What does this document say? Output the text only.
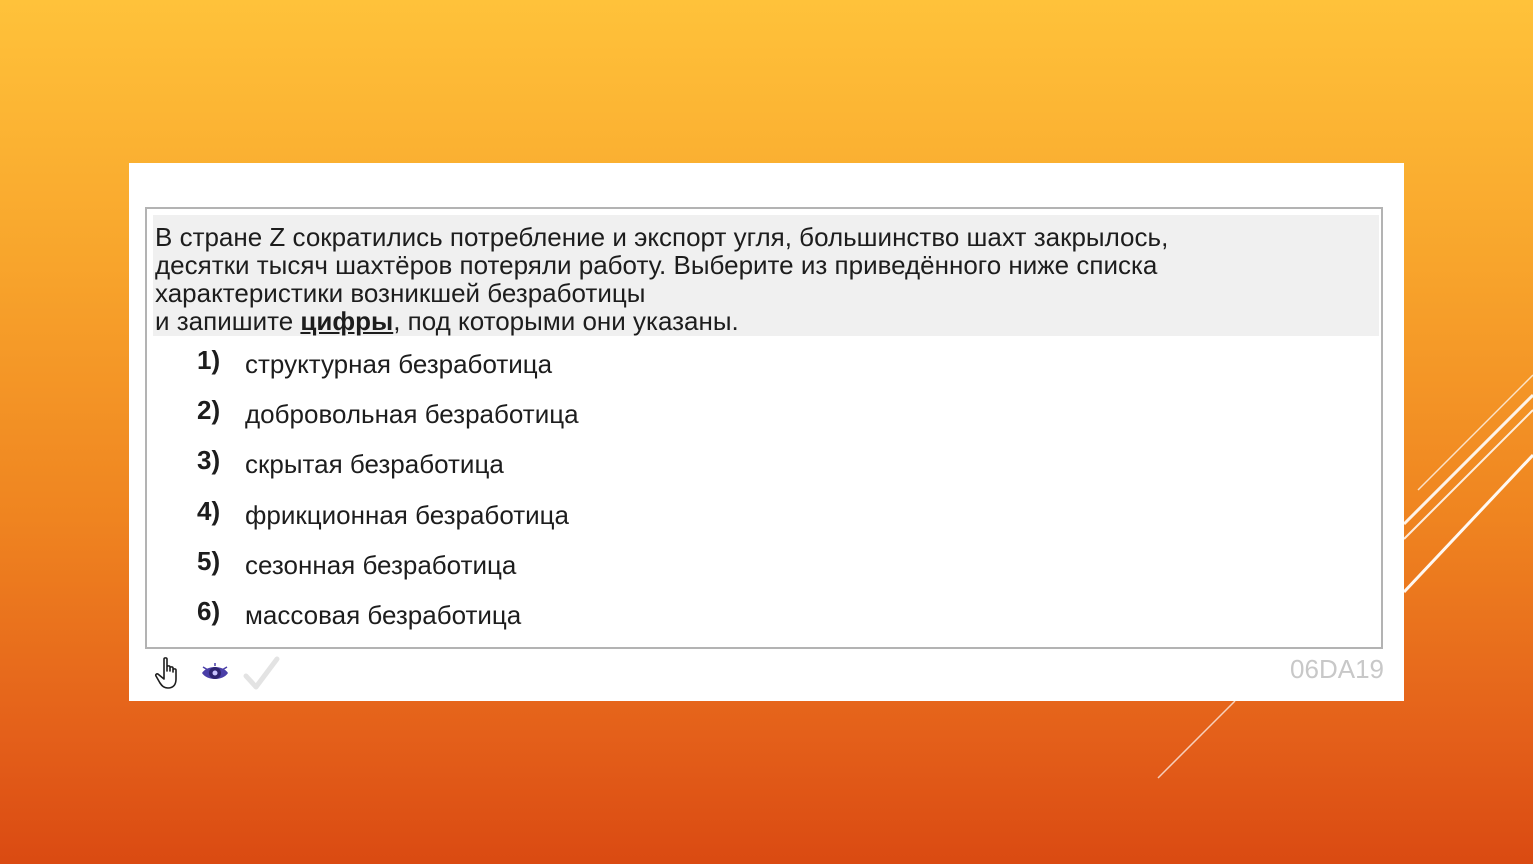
В стране Z сократились потребление и экспорт угля, большинство шахт закрылось,
десятки тысяч шахтёров потеряли работу. Выберите из приведённого ниже списка
характеристики возникшей безработицы
и запишите цифры, под которыми они указаны.
1) структурная безработица
2) добровольная безработица
3) скрытая безработица
4) фрикционная безработица
5) сезонная безработица
6) массовая безработица
06DA19
